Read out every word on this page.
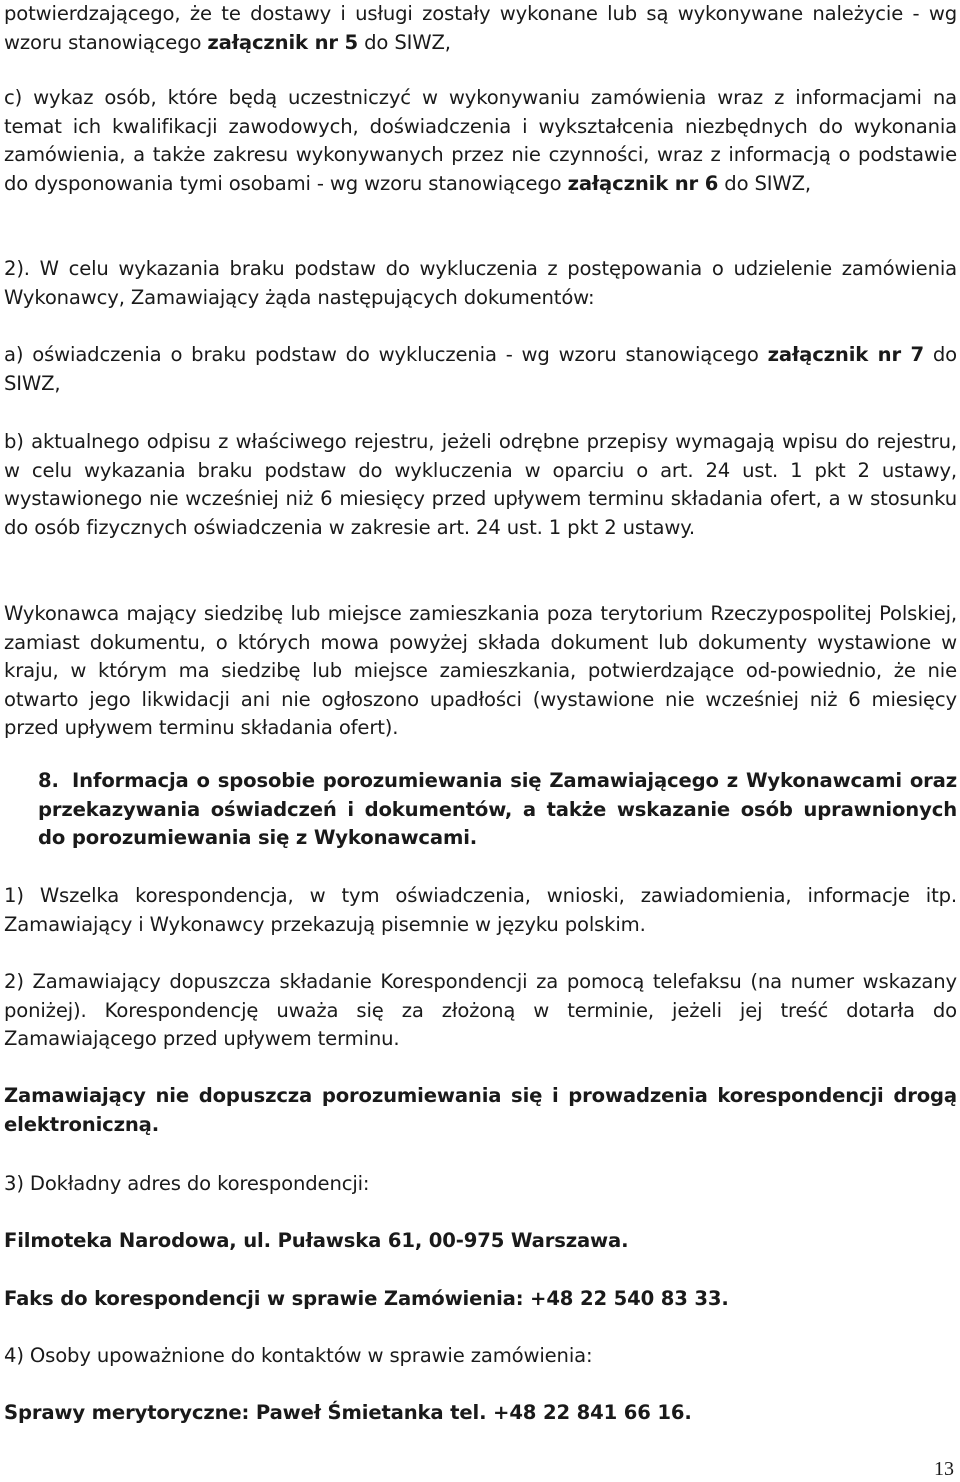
potwierdzającego, że te dostawy i usługi zostały wykonane lub są wykonywane należycie - wg wzoru stanowiącego załącznik nr 5 do SIWZ,

c) wykaz osób, które będą uczestniczyć w wykonywaniu zamówienia wraz z informacjami na temat ich kwalifikacji zawodowych, doświadczenia i wykształcenia niezbędnych do wykonania zamówienia, a także zakresu wykonywanych przez nie czynności, wraz z informacją o podstawie do dysponowania tymi osobami - wg wzoru stanowiącego załącznik nr 6 do SIWZ,

2). W celu wykazania braku podstaw do wykluczenia z postępowania o udzielenie zamówienia Wykonawcy, Zamawiający żąda następujących dokumentów:

a) oświadczenia o braku podstaw do wykluczenia - wg wzoru stanowiącego załącznik nr 7 do SIWZ,

b) aktualnego odpisu z właściwego rejestru, jeżeli odrębne przepisy wymagają wpisu do rejestru, w celu wykazania braku podstaw do wykluczenia w oparciu o art. 24 ust. 1 pkt 2 ustawy, wystawionego nie wcześniej niż 6 miesięcy przed upływem terminu składania ofert, a w stosunku do osób fizycznych oświadczenia w zakresie art. 24 ust. 1 pkt 2 ustawy.

Wykonawca mający siedzibę lub miejsce zamieszkania poza terytorium Rzeczypospolitej Polskiej, zamiast dokumentu, o których mowa powyżej składa dokument lub dokumenty wystawione w kraju, w którym ma siedzibę lub miejsce zamieszkania, potwierdzające od-powiednio, że nie otwarto jego likwidacji ani nie ogłoszono upadłości (wystawione nie wcześniej niż 6 miesięcy przed upływem terminu składania ofert).

8. Informacja o sposobie porozumiewania się Zamawiającego z Wykonawcami oraz przekazywania oświadczeń i dokumentów, a także wskazanie osób uprawnionych do porozumiewania się z Wykonawcami.

1) Wszelka korespondencja, w tym oświadczenia, wnioski, zawiadomienia, informacje itp. Zamawiający i Wykonawcy przekazują pisemnie w języku polskim.

2) Zamawiający dopuszcza składanie Korespondencji za pomocą telefaksu (na numer wskazany poniżej). Korespondencję uważa się za złożoną w terminie, jeżeli jej treść dotarła do Zamawiającego przed upływem terminu.

Zamawiający nie dopuszcza porozumiewania się i prowadzenia korespondencji drogą elektroniczną.

3) Dokładny adres do korespondencji:

Filmoteka Narodowa, ul. Puławska 61, 00-975 Warszawa.

Faks do korespondencji w sprawie Zamówienia: +48 22 540 83 33.

4) Osoby upoważnione do kontaktów w sprawie zamówienia:

Sprawy merytoryczne: Paweł Śmietanka tel. +48 22 841 66 16.

13
